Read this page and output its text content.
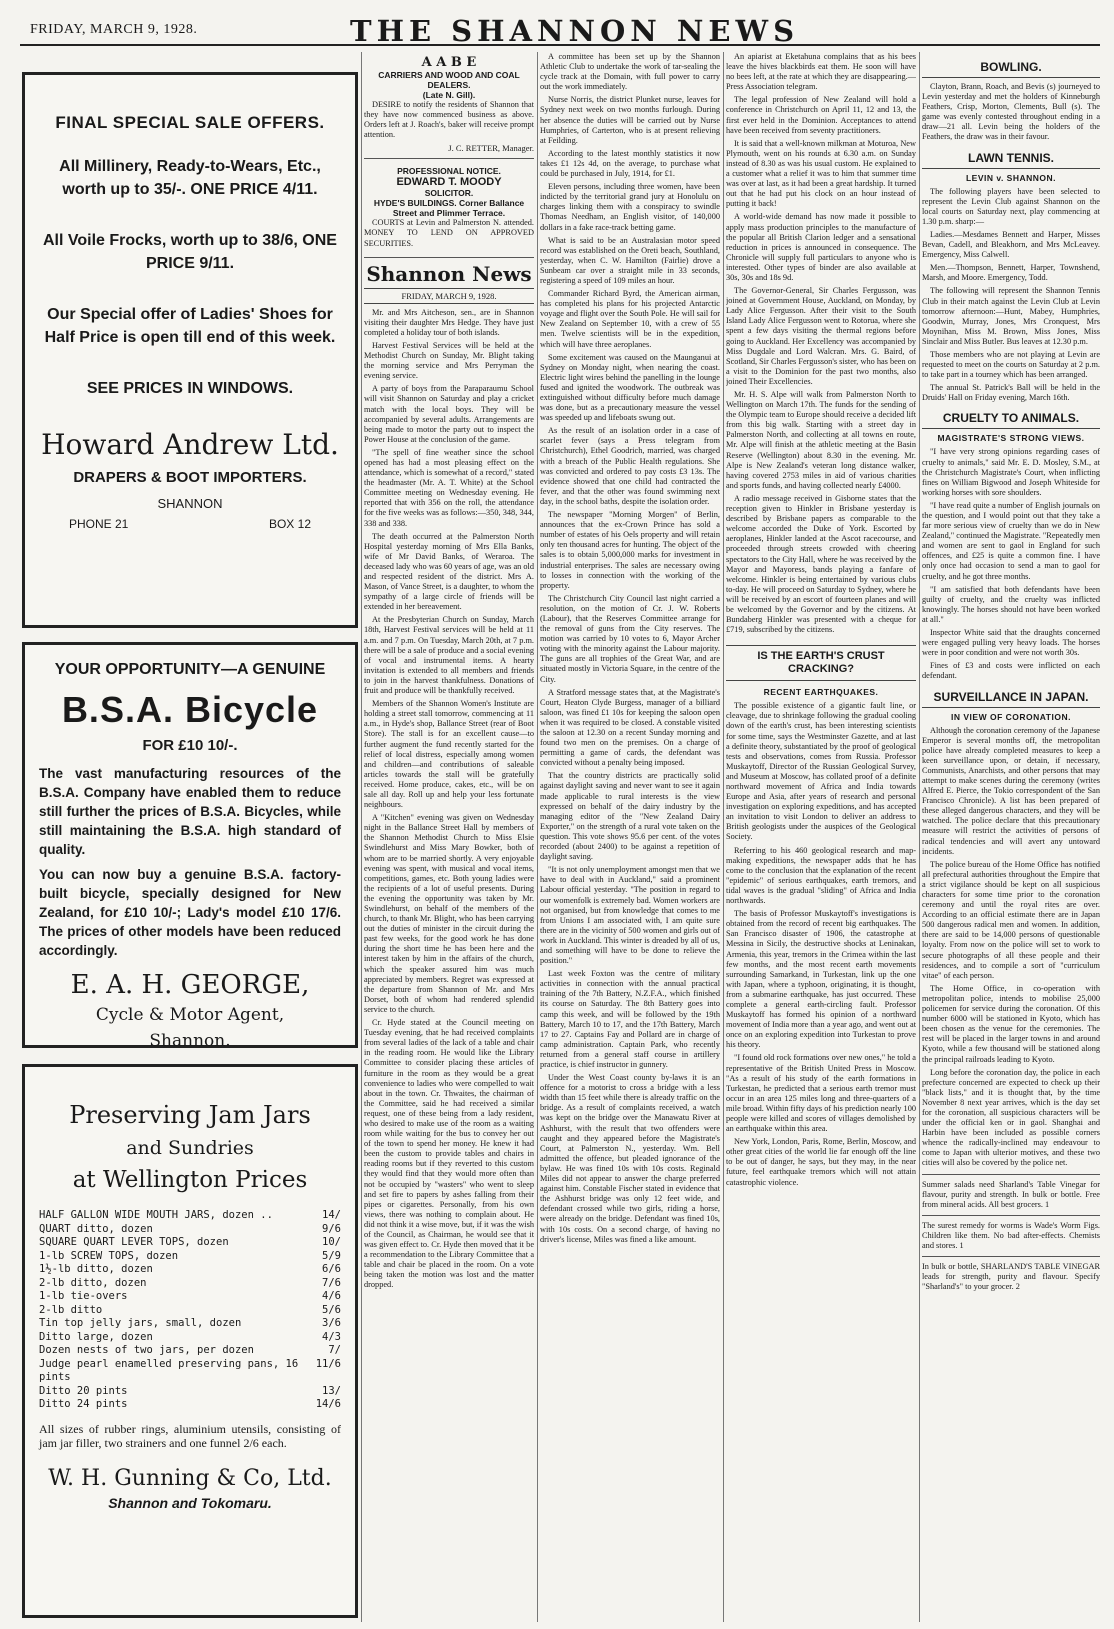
FRIDAY, MARCH 9, 1928.	THE SHANNON NEWS
FINAL SPECIAL SALE OFFERS.
All Millinery, Ready-to-Wears, Etc., worth up to 35/-. ONE PRICE 4/11.
All Voile Frocks, worth up to 38/6, ONE PRICE 9/11.
Our Special offer of Ladies' Shoes for Half Price is open till end of this week.
SEE PRICES IN WINDOWS.
Howard Andrew Ltd.
DRAPERS & BOOT IMPORTERS.
SHANNON
PHONE 21	BOX 12
YOUR OPPORTUNITY—A GENUINE
B.S.A. Bicycle
FOR £10 10/-.

The vast manufacturing resources of the B.S.A. Company have enabled them to reduce still further the prices of B.S.A. Bicycles, while still maintaining the B.S.A. high standard of quality.

You can now buy a genuine B.S.A. factory-built bicycle, specially designed for New Zealand, for £10 10/-; Lady's model £10 17/6. The prices of other models have been reduced accordingly.

E. A. H. GEORGE,
Cycle & Motor Agent,
Shannon.
Preserving Jam Jars
and Sundries
at Wellington Prices
HALF GALLON WIDE MOUTH JARS, dozen ..	14/
QUART ditto, dozen	9/6
SQUARE QUART LEVER TOPS, dozen	10/
1-lb SCREW TOPS, dozen	5/9
1½-lb ditto, dozen	6/6
2-lb ditto, dozen	7/6
1-lb tie-overs	4/6
2-lb ditto	5/6
Tin top jelly jars, small, dozen	3/6
Ditto large, dozen	4/3
Dozen nests of two jars, per dozen	7/
Judge pearl enamelled preserving pans, 16 pints
11/6
Ditto 20 pints	13/
Ditto 24 pints	14/6
All sizes of rubber rings, aluminium utensils, consisting of jam jar filler, two strainers and one funnel 2/6 each.
W. H. Gunning & Co, Ltd.
Shannon and Tokomaru.
A A B E
CARRIERS AND WOOD AND COAL DEALERS.
(Late N. Gill).

DESIRE to notify the residents of Shannon that they have now commenced business as above. Orders left at J. Roach's, baker will receive prompt attention.

J. C. RETTER, Manager.
PROFESSIONAL NOTICE.
EDWARD T. MOODY
SOLICITOR.
HYDE'S BUILDINGS. Corner Ballance Street and Plimmer Terrace.

COURTS at Levin and Palmerston N. attended. MONEY TO LEND ON APPROVED SECURITIES.

Shannon News
FRIDAY, MARCH 9, 1928.

Mr. and Mrs Aitcheson, sen., are in Shannon visiting their daughter Mrs Hedge. They have just completed a holiday tour of both islands.

Harvest Festival Services will be held at the Methodist Church on Sunday, Mr. Blight taking the morning service and Mrs Perryman the evening service.

A party of boys from the Paraparaumu School will visit Shannon on Saturday and play a cricket match with the local boys. They will be accompanied by several adults. Arrangements are being made to motor the party out to inspect the Power House at the conclusion of the game.

"The spell of fine weather since the school opened has had a most pleasing effect on the attendance, which is somewhat of a record," stated the headmaster (Mr. A. T. White) at the School Committee meeting on Wednesday evening. He reported that with 356 on the roll, the attendance for the five weeks was as follows:—350, 348, 344, 338 and 338.

The death occurred at the Palmerston North Hospital yesterday morning of Mrs Ella Banks, wife of Mr David Banks, of Weraroa. The deceased lady who was 60 years of age, was an old and respected resident of the district. Mrs A. Mason, of Vance Street, is a daughter, to whom the sympathy of a large circle of friends will be extended in her bereavement.

At the Presbyterian Church on Sunday, March 18th, Harvest Festival services will be held at 11 a.m. and 7 p.m. On Tuesday, March 20th, at 7 p.m. there will be a sale of produce and a social evening of vocal and instrumental items. A hearty invitation is extended to all members and friends to join in the harvest thankfulness. Donations of fruit and produce will be thankfully received.

Members of the Shannon Women's Institute are holding a street stall tomorrow, commencing at 11 a.m., in Hyde's shop, Ballance Street (rear of Boot Store). The stall is for an excellent cause—to further augment the fund recently started for the relief of local distress, especially among women and children—and contributions of saleable articles towards the stall will be gratefully received. Home produce, cakes, etc., will be on sale all day. Roll up and help your less fortunate neighbours.

A "Kitchen" evening was given on Wednesday night in the Ballance Street Hall by members of the Shannon Methodist Church to Miss Elsie Swindlehurst and Miss Mary Bowker, both of whom are to be married shortly. A very enjoyable evening was spent, with musical and vocal items, competitions, games, etc. Both young ladies were the recipients of a lot of useful presents. During the evening the opportunity was taken by Mr. Swindlehurst, on behalf of the members of the church, to thank Mr. Blight, who has been carrying out the duties of minister in the circuit during the past few weeks, for the good work he has done during the short time he has been here and the interest taken by him in the affairs of the church, which the speaker assured him was much appreciated by members. Regret was expressed at the departure from Shannon of Mr. and Mrs Dorset, both of whom had rendered splendid service to the church.

Cr. Hyde stated at the Council meeting on Tuesday evening, that he had received complaints from several ladies of the lack of a table and chair in the reading room. He would like the Library Committee to consider placing these articles of furniture in the room as they would be a great convenience to ladies who were compelled to wait about in the town. Cr. Thwaites, the chairman of the Committee, said he had received a similar request, one of these being from a lady resident, who desired to make use of the room as a waiting room while waiting for the bus to convey her out of the town to spend her money. He knew it had been the custom to provide tables and chairs in reading rooms but if they reverted to this custom they would find that they would more often than not be occupied by "wasters" who went to sleep and set fire to papers by ashes falling from their pipes or cigarettes. Personally, from his own views, there was nothing to complain about. He did not think it a wise move, but, if it was the wish of the Council, as Chairman, he would see that it was given effect to. Cr. Hyde then moved that it be a recommendation to the Library Committee that a table and chair be placed in the room. On a vote being taken the motion was lost and the matter dropped.

A committee has been set up by the Shannon Athletic Club to undertake the work of tar-sealing the cycle track at the Domain, with full power to carry out the work immediately.

Nurse Norris, the district Plunket nurse, leaves for Sydney next week on two months furlough. During her absence the duties will be carried out by Nurse Humphries, of Carterton, who is at present relieving at Feilding.

According to the latest monthly statistics it now takes £1 12s 4d, on the average, to purchase what could be purchased in July, 1914, for £1.

Eleven persons, including three women, have been indicted by the territorial grand jury at Honolulu on charges linking them with a conspiracy to swindle Thomas Needham, an English visitor, of 140,000 dollars in a fake race-track betting game.

What is said to be an Australasian motor speed record was established on the Oreti beach, Southland, yesterday, when C. W. Hamilton (Fairlie) drove a Sunbeam car over a straight mile in 33 seconds, registering a speed of 109 miles an hour.

Commander Richard Byrd, the American airman, has completed his plans for his projected Antarctic voyage and flight over the South Pole. He will sail for New Zealand on September 10, with a crew of 55 men. Twelve scientists will be in the expedition, which will have three aeroplanes.

Some excitement was caused on the Maunganui at Sydney on Monday night, when nearing the coast. Electric light wires behind the panelling in the lounge fused and ignited the woodwork. The outbreak was extinguished without difficulty before much damage was done, but as a precautionary measure the vessel was speeded up and lifeboats swung out.

As the result of an isolation order in a case of scarlet fever (says a Press telegram from Christchurch), Ethel Goodrich, married, was charged with a breach of the Public Health regulations. She was convicted and ordered to pay costs £3 13s. The evidence showed that one child had contracted the fever, and that the other was found swimming next day, in the school baths, despite the isolation order.

The newspaper "Morning Morgen" of Berlin, announces that the ex-Crown Prince has sold a number of estates of his Oels property and will retain only ten thousand acres for hunting. The object of the sales is to obtain 5,000,000 marks for investment in industrial enterprises. The sales are necessary owing to losses in connection with the working of the property.

The Christchurch City Council last night carried a resolution, on the motion of Cr. J. W. Roberts (Labour), that the Reserves Committee arrange for the removal of guns from the City reserves. The motion was carried by 10 votes to 6, Mayor Archer voting with the minority against the Labour majority. The guns are all trophies of the Great War, and are situated mostly in Victoria Square, in the centre of the City.

A Stratford message states that, at the Magistrate's Court, Heaton Clyde Burgess, manager of a billiard saloon, was fined £1 10s for keeping the saloon open when it was required to be closed. A constable visited the saloon at 12.30 on a recent Sunday morning and found two men on the premises. On a charge of permitting a game of cards, the defendant was convicted without a penalty being imposed.

That the country districts are practically solid against daylight saving and never want to see it again made applicable to rural interests is the view expressed on behalf of the dairy industry by the managing editor of the "New Zealand Dairy Exporter," on the strength of a rural vote taken on the question. This vote shows 95.6 per cent. of the votes recorded (about 2400) to be against a repetition of daylight saving.

"It is not only unemployment amongst men that we have to deal with in Auckland," said a prominent Labour official yesterday. "The position in regard to our womenfolk is extremely bad. Women workers are not organised, but from knowledge that comes to me from Unions I am associated with, I am quite sure there are in the vicinity of 500 women and girls out of work in Auckland. This winter is dreaded by all of us, and something will have to be done to relieve the position."

Last week Foxton was the centre of military activities in connection with the annual practical training of the 7th Battery, N.Z.F.A., which finished its course on Saturday. The 8th Battery goes into camp this week, and will be followed by the 19th Battery, March 10 to 17, and the 17th Battery, March 17 to 27. Captains Fay and Pollard are in charge of camp administration. Captain Park, who recently returned from a general staff course in artillery practice, is chief instructor in gunnery.

Under the West Coast county by-laws it is an offence for a motorist to cross a bridge with a less width than 15 feet while there is already traffic on the bridge. As a result of complaints received, a watch was kept on the bridge over the Manawatu River at Ashhurst, with the result that two offenders were caught and they appeared before the Magistrate's Court, at Palmerston N., yesterday. Wm. Bell admitted the offence, but pleaded ignorance of the bylaw. He was fined 10s with 10s costs. Reginald Miles did not appear to answer the charge preferred against him. Constable Fischer stated in evidence that the Ashhurst bridge was only 12 feet wide, and defendant crossed while two girls, riding a horse, were already on the bridge. Defendant was fined 10s, with 10s costs. On a second charge, of having no driver's license, Miles was fined a like amount.

An apiarist at Eketahuna complains that as his bees leave the hives blackbirds eat them. He soon will have no bees left, at the rate at which they are disappearing.—Press Association telegram.

The legal profession of New Zealand will hold a conference in Christchurch on April 11, 12 and 13, the first ever held in the Dominion. Acceptances to attend have been received from seventy practitioners.

It is said that a well-known milkman at Moturoa, New Plymouth, went on his rounds at 6.30 a.m. on Sunday instead of 8.30 as was his usual custom. He explained to a customer what a relief it was to him that summer time was over at last, as it had been a great hardship. It turned out that he had put his clock on an hour instead of putting it back!

A world-wide demand has now made it possible to apply mass production principles to the manufacture of the popular all British Clarion ledger and a sensational reduction in prices is announced in consequence. The Chronicle will supply full particulars to anyone who is interested. Other types of binder are also available at 30s, 30s and 18s 9d.

The Governor-General, Sir Charles Fergusson, was joined at Government House, Auckland, on Monday, by Lady Alice Fergusson. After their visit to the South Island Lady Alice Fergusson went to Rotorua, where she spent a few days visiting the thermal regions before going to Auckland. Her Excellency was accompanied by Miss Dugdale and Lord Walcran. Mrs. G. Baird, of Scotland, Sir Charles Fergusson's sister, who has been on a visit to the Dominion for the past two months, also joined Their Excellencies.

Mr. H. S. Alpe will walk from Palmerston North to Wellington on March 17th. The funds for the sending of the Olympic team to Europe should receive a decided lift from this big walk. Starting with a street day in Palmerston North, and collecting at all towns en route, Mr. Alpe will finish at the athletic meeting at the Basin Reserve (Wellington) about 8.30 in the evening. Mr. Alpe is New Zealand's veteran long distance walker, having covered 2753 miles in aid of various charities and sports funds, and having collected nearly £4000.

A radio message received in Gisborne states that the reception given to Hinkler in Brisbane yesterday is described by Brisbane papers as comparable to the welcome accorded the Duke of York. Escorted by aeroplanes, Hinkler landed at the Ascot racecourse, and proceeded through streets crowded with cheering spectators to the City Hall, where he was received by the Mayor and Mayoress, bands playing a fanfare of welcome. Hinkler is being entertained by various clubs to-day. He will proceed on Saturday to Sydney, where he will be received by an escort of fourteen planes and will be welcomed by the Governor and by the citizens. At Bundaberg Hinkler was presented with a cheque for £719, subscribed by the citizens.

IS THE EARTH'S CRUST CRACKING?
RECENT EARTHQUAKES.

The possible existence of a gigantic fault line, or cleavage, due to shrinkage following the gradual cooling down of the earth's crust, has been interesting scientists for some time, says the Westminster Gazette, and at last a definite theory, substantiated by the proof of geological tests and observations, comes from Russia. Professor Muskaytoff, Director of the Russian Geological Survey, and Museum at Moscow, has collated proof of a definite northward movement of Africa and India towards Europe and Asia, after years of research and personal investigation on exploring expeditions, and has accepted an invitation to visit London to deliver an address to British geologists under the auspices of the Geological Society.

Referring to his 460 geological research and map-making expeditions, the newspaper adds that he has come to the conclusion that the explanation of the recent "epidemic" of serious earthquakes, earth tremors, and tidal waves is the gradual "sliding" of Africa and India northwards.

The basis of Professor Muskaytoff's investigations is obtained from the record of recent big earthquakes. The San Francisco disaster of 1906, the catastrophe at Messina in Sicily, the destructive shocks at Leninakan, Armenia, this year, tremors in the Crimea within the last few months, and the most recent earth movements surrounding Samarkand, in Turkestan, link up the one with Japan, where a typhoon, originating, it is thought, from a submarine earthquake, has just occurred. These complete a general earth-circling fault. Professor Muskaytoff has formed his opinion of a northward movement of India more than a year ago, and went out at once on an exploring expedition into Turkestan to prove his theory.

"I found old rock formations over new ones," he told a representative of the British United Press in Moscow. "As a result of his study of the earth formations in Turkestan, he predicted that a serious earth tremor must occur in an area 125 miles long and three-quarters of a mile broad. Within fifty days of his prediction nearly 100 people were killed and scores of villages demolished by an earthquake within this area.

New York, London, Paris, Rome, Berlin, Moscow, and other great cities of the world lie far enough off the line to be out of danger, he says, but they may, in the near future, feel earthquake tremors which will not attain catastrophic violence.

BOWLING.

Clayton, Brann, Roach, and Bevis (s) journeyed to Levin yesterday and met the holders of Kinneburgh Feathers, Crisp, Morton, Clements, Bull (s). The game was evenly contested throughout ending in a draw—21 all. Levin being the holders of the Feathers, the draw was in their favour.

LAWN TENNIS.
LEVIN v. SHANNON.

The following players have been selected to represent the Levin Club against Shannon on the local courts on Saturday next, play commencing at 1.30 p.m. sharp:—

Ladies.—Mesdames Bennett and Harper, Misses Bevan, Cadell, and Bleakhorn, and Mrs McLeavey. Emergency, Miss Calwell.

Men.—Thompson, Bennett, Harper, Townshend, Marsh, and Moore. Emergency, Todd.

The following will represent the Shannon Tennis Club in their match against the Levin Club at Levin tomorrow afternoon:—Hunt, Mabey, Humphries, Goodwin, Murray, Jones, Mrs Cronquest, Mrs Moynihan, Miss M. Brown, Miss Jones, Miss Sinclair and Miss Butler. Bus leaves at 12.30 p.m.

Those members who are not playing at Levin are requested to meet on the courts on Saturday at 2 p.m. to take part in a tourney which has been arranged.

The annual St. Patrick's Ball will be held in the Druids' Hall on Friday evening, March 16th.

CRUELTY TO ANIMALS.
MAGISTRATE'S STRONG VIEWS.

"I have very strong opinions regarding cases of cruelty to animals," said Mr. E. D. Mosley, S.M., at the Christchurch Magistrate's Court, when inflicting fines on William Bigwood and Joseph Whiteside for working horses with sore shoulders.

"I have read quite a number of English journals on the question, and I would point out that they take a far more serious view of cruelty than we do in New Zealand," continued the Magistrate. "Repeatedly men and women are sent to gaol in England for such offences, and £25 is quite a common fine. I have only once had occasion to send a man to gaol for cruelty, and he got three months.

"I am satisfied that both defendants have been guilty of cruelty, and the cruelty was inflicted knowingly. The horses should not have been worked at all."

Inspector White said that the draughts concerned were engaged pulling very heavy loads. The horses were in poor condition and were not worth 30s.

Fines of £3 and costs were inflicted on each defendant.

SURVEILLANCE IN JAPAN.
IN VIEW OF CORONATION.

Although the coronation ceremony of the Japanese Emperor is several months off, the metropolitan police have already completed measures to keep a keen surveillance upon, or detain, if necessary, Communists, Anarchists, and other persons that may attempt to make scenes during the ceremony (writes Alfred E. Pierce, the Tokio correspondent of the San Francisco Chronicle). A list has been prepared of these alleged dangerous characters, and they will be watched. The police declare that this precautionary measure will restrict the activities of persons of radical tendencies and will avert any untoward incidents.

The police bureau of the Home Office has notified all prefectural authorities throughout the Empire that a strict vigilance should be kept on all suspicious characters for some time prior to the coronation ceremony and until the royal rites are over. According to an official estimate there are in Japan 500 dangerous radical men and women. In addition, there are said to be 14,000 persons of questionable loyalty. From now on the police will set to work to secure photographs of all these people and their residences, and to compile a sort of "curriculum vitae" of each person.

The Home Office, in co-operation with metropolitan police, intends to mobilise 25,000 policemen for service during the coronation. Of this number 6000 will be stationed in Kyoto, which has been chosen as the venue for the ceremonies. The rest will be placed in the larger towns in and around Kyoto, while a few thousand will be stationed along the principal railroads leading to Kyoto.

Long before the coronation day, the police in each prefecture concerned are expected to check up their "black lists," and it is thought that, by the time November 8 next year arrives, which is the day set for the coronation, all suspicious characters will be under the official ken or in gaol. Shanghai and Harbin have been included as possible corners whence the radically-inclined may endeavour to come to Japan with ulterior motives, and these two cities will also be covered by the police net.

Summer salads need Sharland's Table Vinegar for flavour, purity and strength. In bulk or bottle. Free from mineral acids. All best grocers. 1
The surest remedy for worms is Wade's Worm Figs. Children like them. No bad after-effects. Chemists and stores. 1
In bulk or bottle, SHARLAND'S TABLE VINEGAR leads for strength, purity and flavour. Specify "Sharland's" to your grocer. 2
